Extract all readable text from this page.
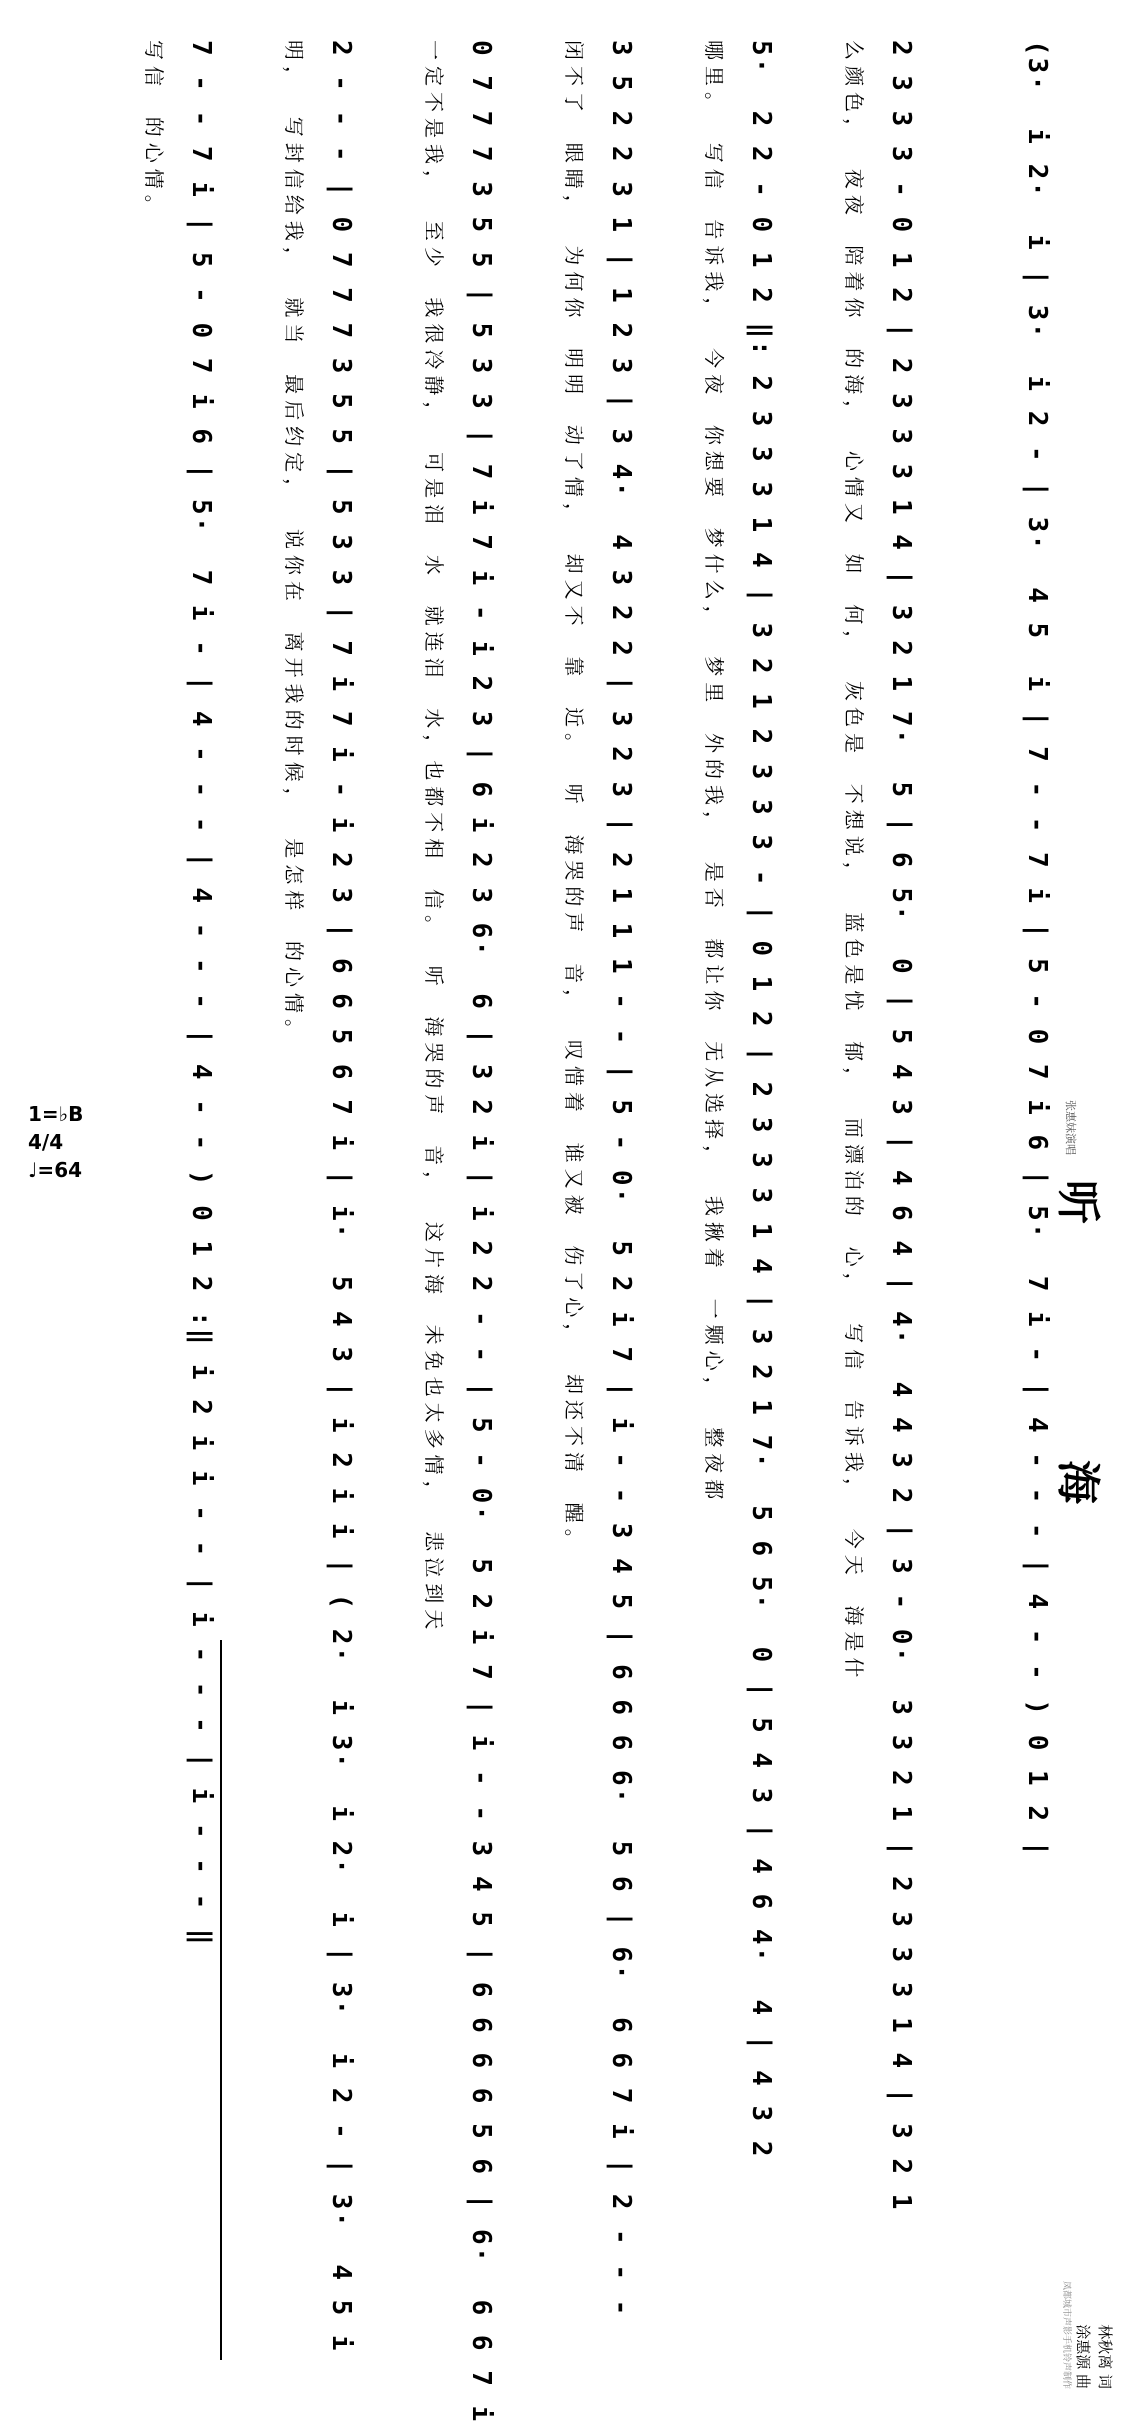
听
海
张惠妹演唱
林秋离 词
涂惠源 曲
凤都城市声影手机铃声制作
(3·  i 2·  i | 3·  i 2 - | 3·  4 5  i | 7 - - 7 i | 5 - 0 7 i 6 | 5·  7 i - | 4 - - - | 4 - - ) 0 1 2 |
2 3 3 3 - 0 1 2 | 2 3 3 3 1 4 | 3 2 1 7·  5 | 6 5·  0 | 5 4 3 | 4 6 4 | 4·  4 4 3 2 | 3 - 0·  3 3 2 1 | 2 3 3 3 1 4 | 3 2 1
么颜色，  夜夜  陪着你  的海，  心情又  如  何，  灰色是  不想说，  蓝色是忧  郁，  而漂泊的  心，  写信  告诉我，  今天  海是什
5·  2 2 - 0 1 2 ‖: 2 3 3 3 1 4 | 3 2 1 2 3 3 3 - | 0 1 2 | 2 3 3 3 1 4 | 3 2 1 7·  5 6 5·  0 | 5 4 3 | 4 6 4·  4 | 4 3 2
哪里。  写信  告诉我，  今夜  你想要  梦什么，  梦里  外的我，  是否  都让你  无从选择，  我揪着  一颗心，  整夜都
3 5 2 2 3 1 | 1 2 3 | 3 4·  4 3 2 2 | 3 2 3 | 2 1 1 1 - - | 5 - 0·  5 2 i 7 | i - - 3 4 5 | 6 6 6 6·  5 6 | 6·  6 6 7 i | 2 - - -
闭不了  眼睛，  为何你  明明  动了情，  却又不  靠  近。  听  海哭的声  音，  叹惜着  谁又被  伤了心，  却还不清  醒。
0 7 7 7 3 5 5 | 5 3 3 | 7 i 7 i - i 2 3 | 6 i 2 3 6·  6 | 3 2 i | i 2 2 - - | 5 - 0·  5 2 i 7 | i - - 3 4 5 | 6 6 6 6 5 6 | 6·  6 6 7 i
一定不是我，  至少  我很冷静，  可是泪  水  就连泪  水，也都不相  信。  听  海哭的声  音，  这片海  未免也太多情，  悲泣到天
2 - - - | 0 7 7 7 3 5 5 | 5 3 3 | 7 i 7 i - i 2 3 | 6 6 5 6 7 i | i·  5 4 3 | i 2 i i | ( 2·  i 3·  i 2·  i | 3·  i 2 - | 3·  4 5 i
明，  写封信给我，  就当  最后约定，  说你在  离开我的时候，  是怎样  的心情。
7 - - 7 i | 5 - 0 7 i 6 | 5·  7 i - | 4 - - - | 4 - - - | 4 - - ) 0 1 2 :‖ i 2 i i - - | i - - - | i - - - ‖
写信  的心情。
1=♭B
4/4
♩=64
